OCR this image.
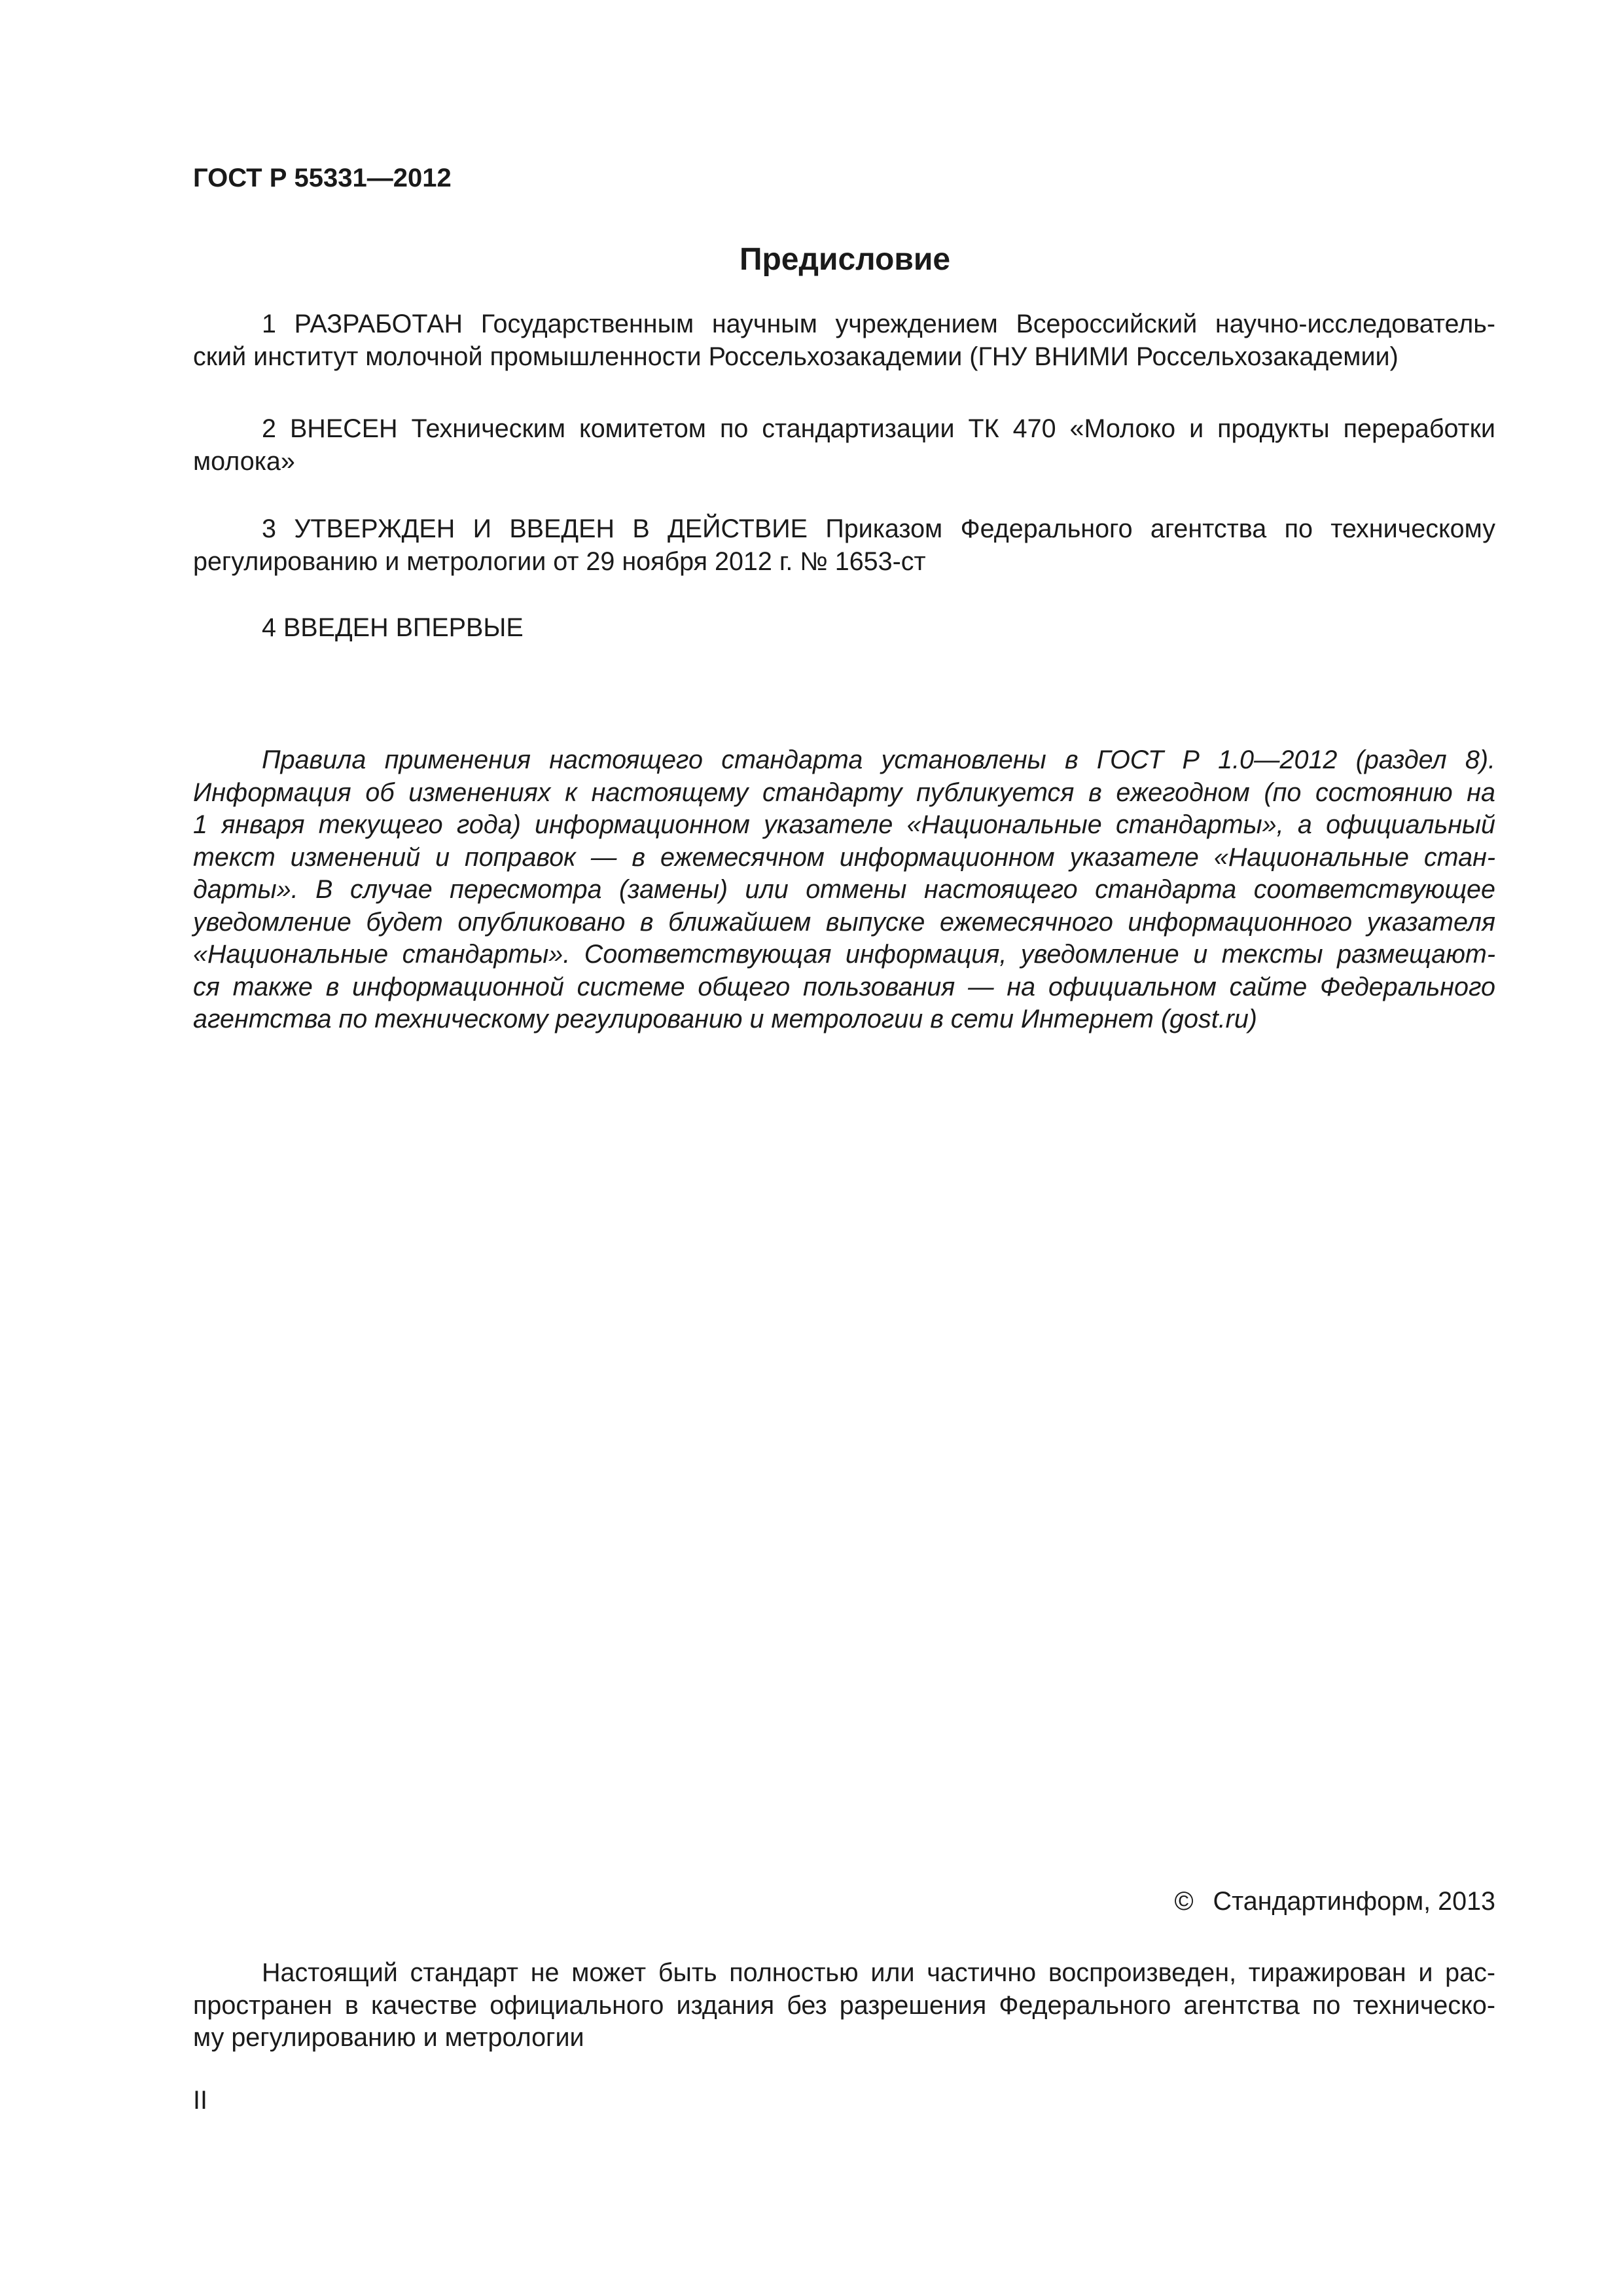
ГОСТ Р 55331—2012
Предисловие
1 РАЗРАБОТАН Государственным научным учреждением Всероссийский научно-исследователь-
ский институт молочной промышленности Россельхозакадемии (ГНУ ВНИМИ Россельхозакадемии)
2 ВНЕСЕН Техническим комитетом по стандартизации ТК 470 «Молоко и продукты переработки
молока»
3 УТВЕРЖДЕН И ВВЕДЕН В ДЕЙСТВИЕ Приказом Федерального агентства по техническому
регулированию и метрологии от 29 ноября 2012 г. № 1653-ст
4 ВВЕДЕН ВПЕРВЫЕ
Правила применения настоящего стандарта установлены в ГОСТ Р 1.0—2012 (раздел 8).
Информация об изменениях к настоящему стандарту публикуется в ежегодном (по состоянию на
1 января текущего года) информационном указателе «Национальные стандарты», а официальный
текст изменений и поправок — в ежемесячном информационном указателе «Национальные стан-
дарты». В случае пересмотра (замены) или отмены настоящего стандарта соответствующее
уведомление будет опубликовано в ближайшем выпуске ежемесячного информационного указателя
«Национальные стандарты». Соответствующая информация, уведомление и тексты размещают-
ся также в информационной системе общего пользования — на официальном сайте Федерального
агентства по техническому регулированию и метрологии в сети Интернет (gost.ru)
© Стандартинформ, 2013
Настоящий стандарт не может быть полностью или частично воспроизведен, тиражирован и рас-
пространен в качестве официального издания без разрешения Федерального агентства по техническо-
му регулированию и метрологии
II
